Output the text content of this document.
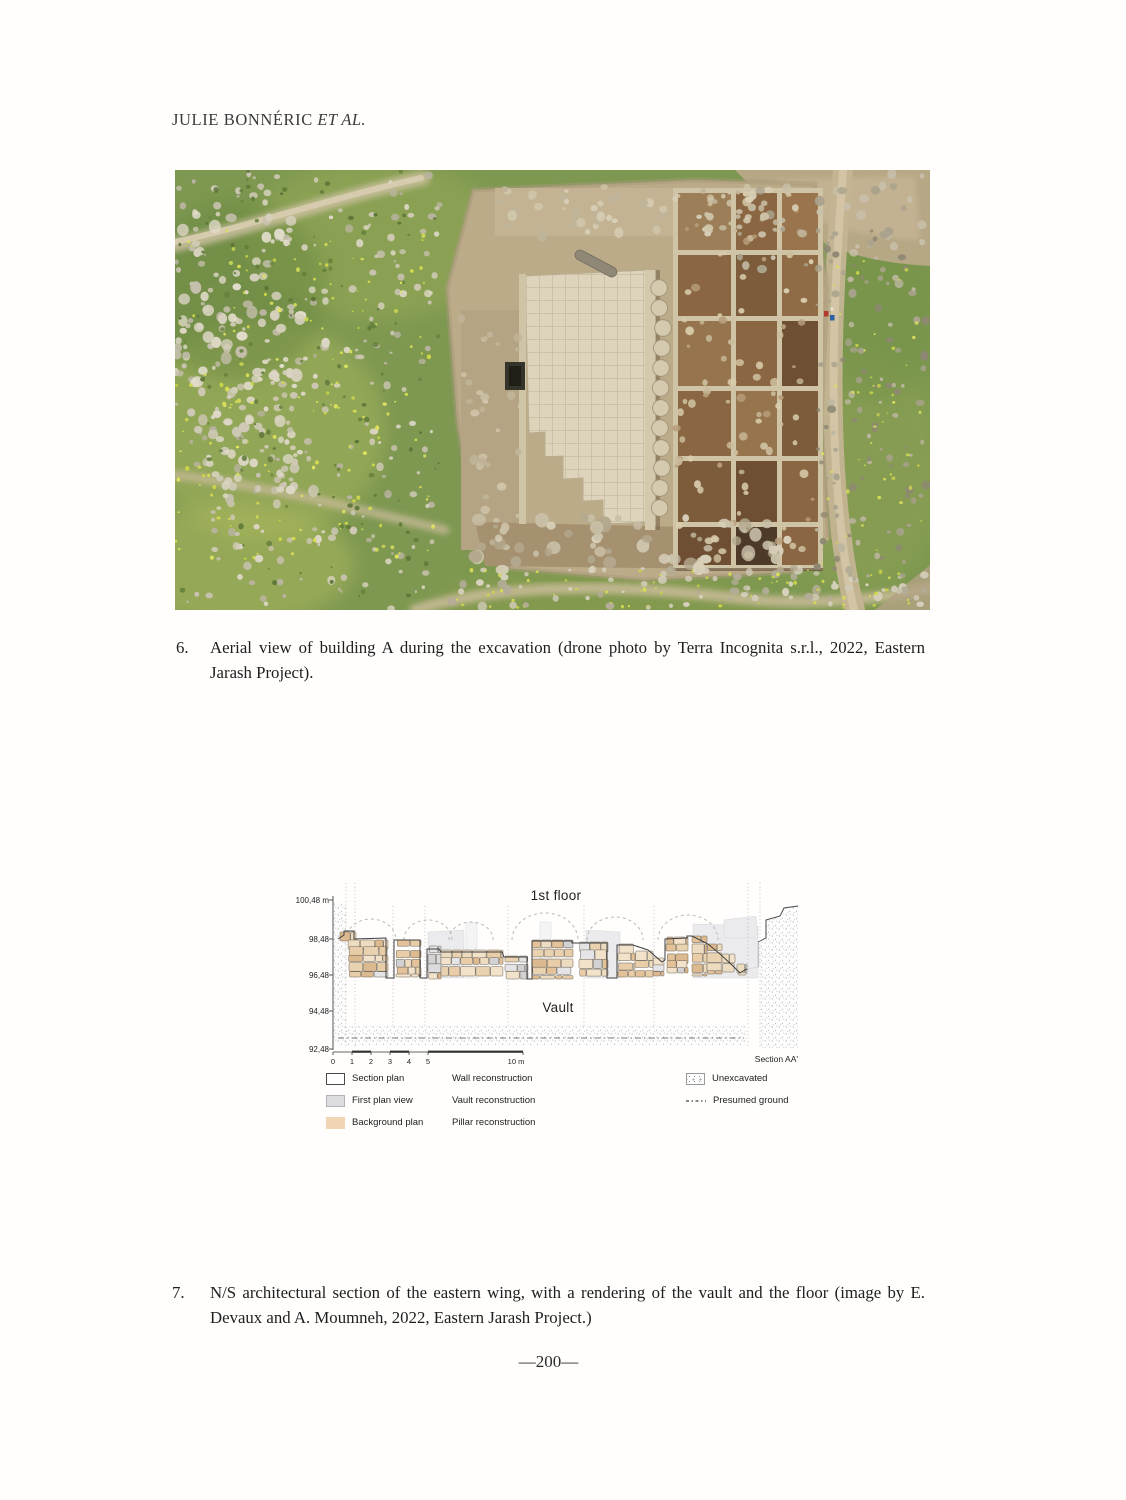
JULIE BONNÉRIC ET AL.
6. Aerial view of building A during the excavation (drone photo by Terra Incognita s.r.l., 2022, Eastern Jarash Project).
100,48 m
98,48
96,48
94,48
92,48
1st floor
Vault
0 1 2 3 4 5	10 m	Section AA'
Section plan
First plan view
Background plan
Wall reconstruction
Vault reconstruction
Pillar reconstruction
Unexcavated
Presumed ground
7. N/S architectural section of the eastern wing, with a rendering of the vault and the floor (image by E. Devaux and A. Moumneh, 2022, Eastern Jarash Project.)
—200—
